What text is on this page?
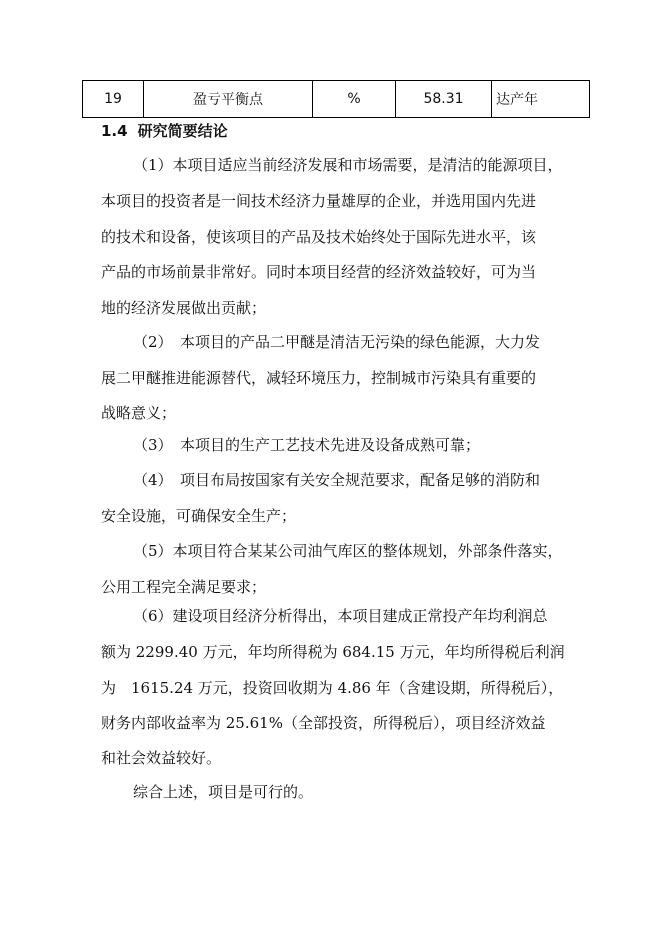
19	盈亏平衡点	%	58.31	达产年
1.4 研究简要结论
（1）本项目适应当前经济发展和市场需要，是清洁的能源项目，
本项目的投资者是一间技术经济力量雄厚的企业，并选用国内先进
的技术和设备，使该项目的产品及技术始终处于国际先进水平，该
产品的市场前景非常好。同时本项目经营的经济效益较好，可为当
地的经济发展做出贡献；
（2）　本项目的产品二甲醚是清洁无污染的绿色能源，大力发
展二甲醚推进能源替代，减轻环境压力，控制城市污染具有重要的
战略意义；
（3）　本项目的生产工艺技术先进及设备成熟可靠；
（4）　项目布局按国家有关安全规范要求，配备足够的消防和
安全设施，可确保安全生产；
（5）本项目符合某某公司油气库区的整体规划，外部条件落实，
公用工程完全满足要求；
（6）建设项目经济分析得出，本项目建成正常投产年均利润总
额为 2299.40 万元，年均所得税为 684.15 万元，年均所得税后利润
为　1615.24 万元，投资回收期为 4.86 年（含建设期，所得税后），
财务内部收益率为 25.61%（全部投资，所得税后），项目经济效益
和社会效益较好。
综合上述，项目是可行的。
